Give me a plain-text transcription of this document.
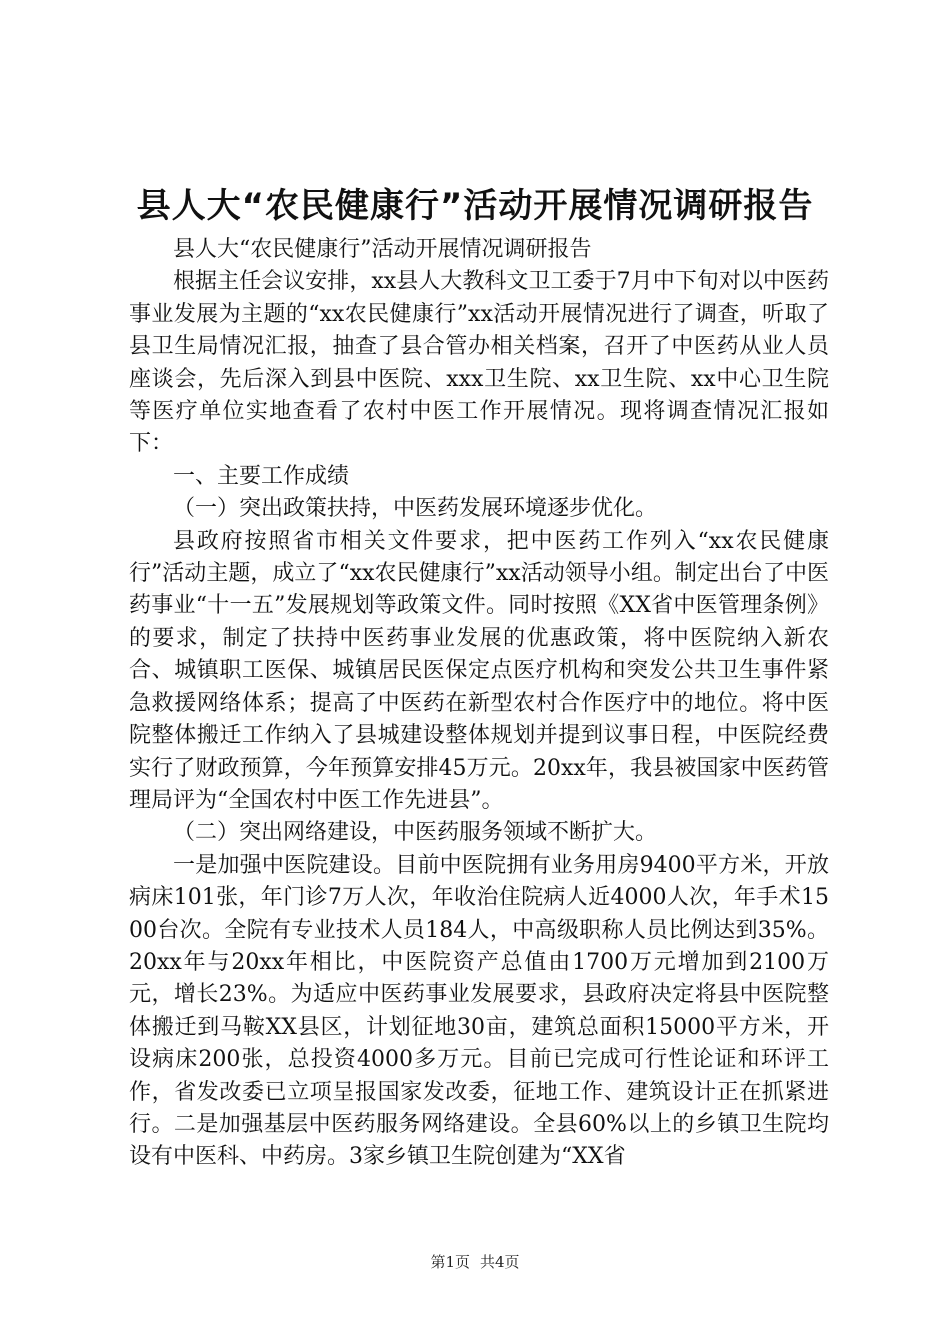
县人大“农民健康行”活动开展情况调研报告

县人大“农民健康行”活动开展情况调研报告

根据主任会议安排，xx县人大教科文卫工委于7月中下旬对以中医药事业发展为主题的“xx农民健康行”xx活动开展情况进行了调查，听取了县卫生局情况汇报，抽查了县合管办相关档案，召开了中医药从业人员座谈会，先后深入到县中医院、xxx卫生院、xx卫生院、xx中心卫生院等医疗单位实地查看了农村中医工作开展情况。现将调查情况汇报如下：

一、主要工作成绩

（一）突出政策扶持，中医药发展环境逐步优化。

县政府按照省市相关文件要求，把中医药工作列入“xx农民健康行”活动主题，成立了“xx农民健康行”xx活动领导小组。制定出台了中医药事业“十一五”发展规划等政策文件。同时按照《XX省中医管理条例》的要求，制定了扶持中医药事业发展的优惠政策，将中医院纳入新农合、城镇职工医保、城镇居民医保定点医疗机构和突发公共卫生事件紧急救援网络体系；提高了中医药在新型农村合作医疗中的地位。将中医院整体搬迁工作纳入了县城建设整体规划并提到议事日程，中医院经费实行了财政预算，今年预算安排45万元。20xx年，我县被国家中医药管理局评为“全国农村中医工作先进县”。

（二）突出网络建设，中医药服务领域不断扩大。

一是加强中医院建设。目前中医院拥有业务用房9400平方米，开放病床101张，年门诊7万人次，年收治住院病人近4000人次，年手术1500台次。全院有专业技术人员184人，中高级职称人员比例达到35%。20xx年与20xx年相比，中医院资产总值由1700万元增加到2100万元，增长23%。为适应中医药事业发展要求，县政府决定将县中医院整体搬迁到马鞍XX县区，计划征地30亩，建筑总面积15000平方米，开设病床200张，总投资4000多万元。目前已完成可行性论证和环评工作，省发改委已立项呈报国家发改委，征地工作、建筑设计正在抓紧进行。二是加强基层中医药服务网络建设。全县60%以上的乡镇卫生院均设有中医科、中药房。3家乡镇卫生院创建为“XX省

第1页 共4页
